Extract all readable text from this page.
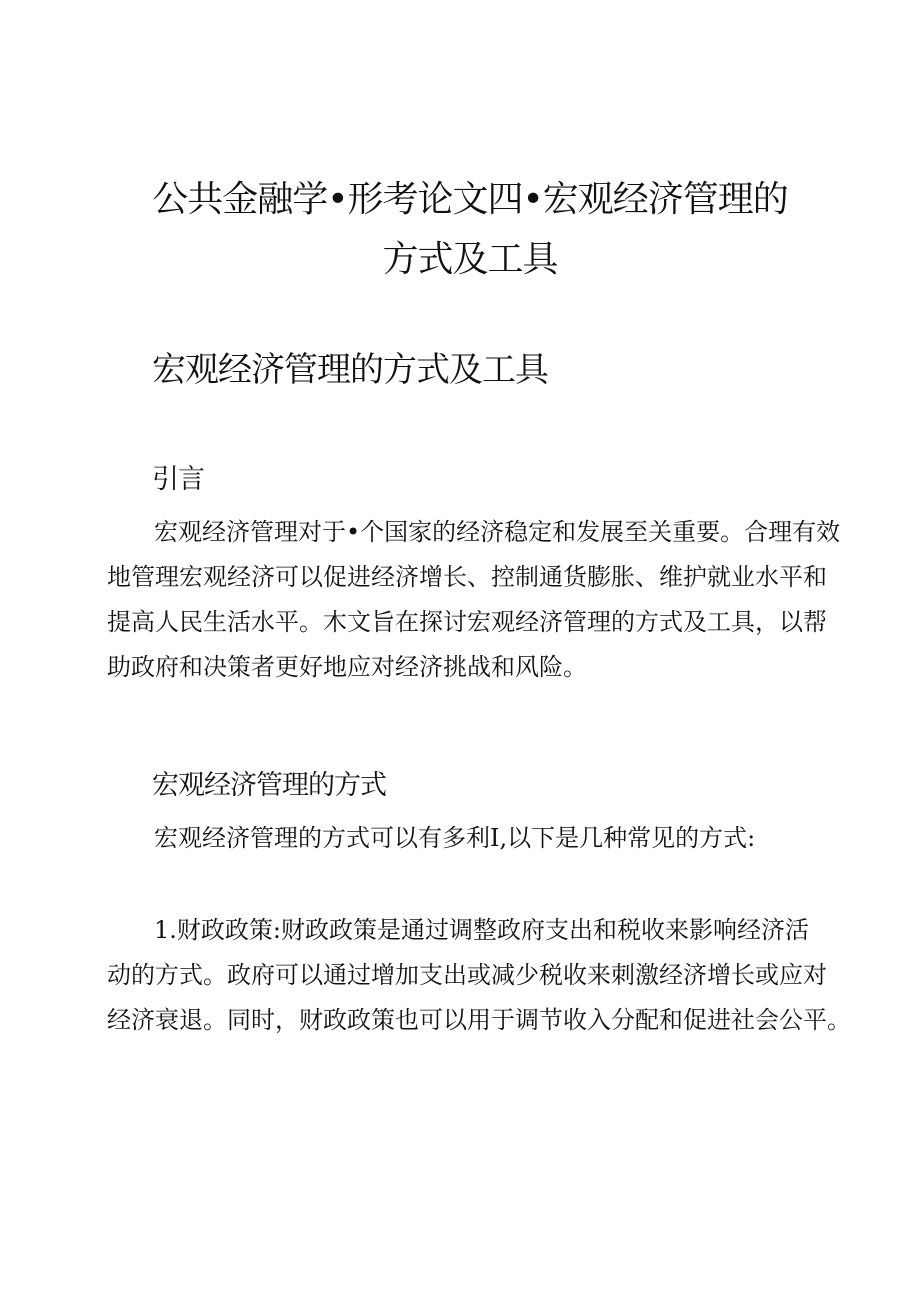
公共金融学•形考论文四•宏观经济管理的
方式及工具
宏观经济管理的方式及工具
引言
宏观经济管理对于•个国家的经济稳定和发展至关重要。合理有效
地管理宏观经济可以促进经济增长、控制通货膨胀、维护就业水平和
提高人民生活水平。木文旨在探讨宏观经济管理的方式及工具，以帮
助政府和决策者更好地应对经济挑战和风险。
宏观经济管理的方式
宏观经济管理的方式可以有多利I,以下是几种常见的方式:
1.财政政策:财政政策是通过调整政府支出和税收来影响经济活
动的方式。政府可以通过增加支出或减少税收来刺激经济增长或应对
经济衰退。同时，财政政策也可以用于调节收入分配和促进社会公平。
